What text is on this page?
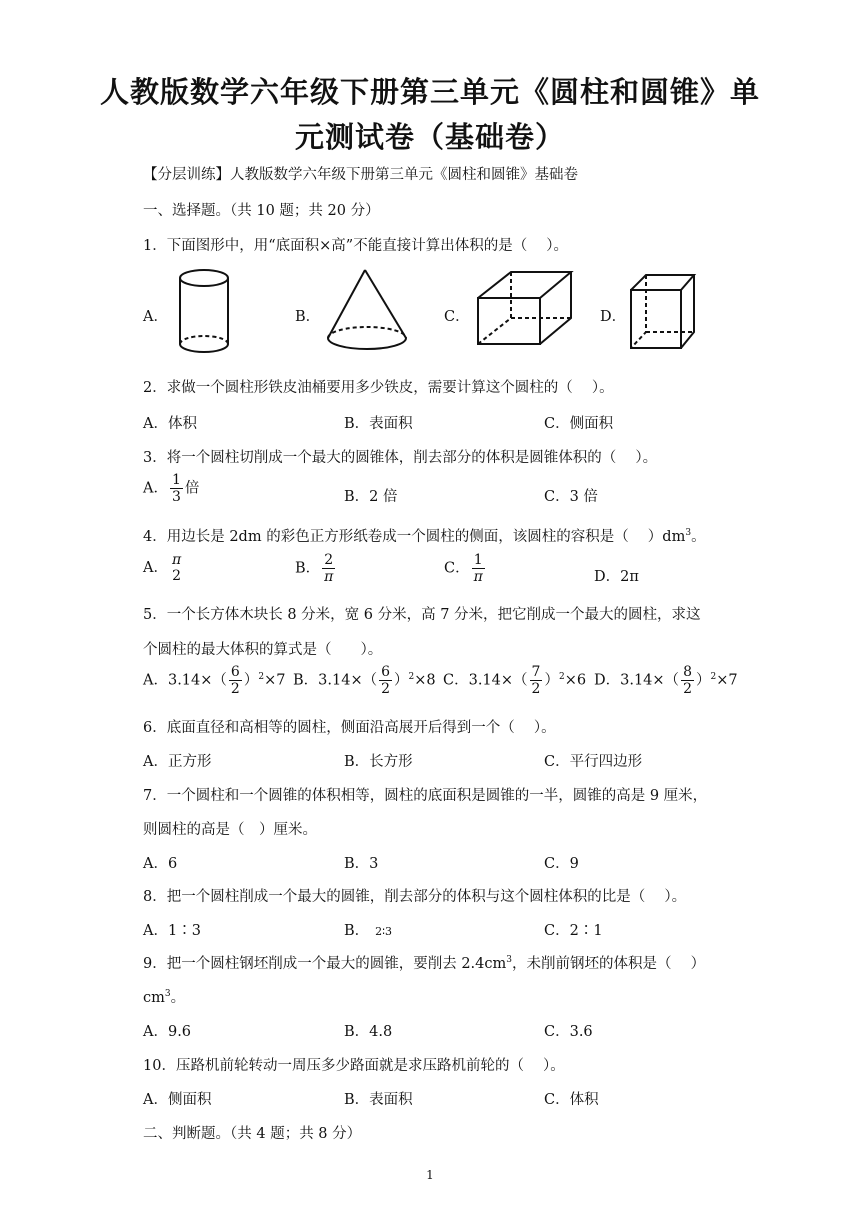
人教版数学六年级下册第三单元《圆柱和圆锥》单
元测试卷（基础卷）
【分层训练】人教版数学六年级下册第三单元《圆柱和圆锥》基础卷
一、选择题。（共 10 题；共 20 分）
1．下面图形中，用“底面积×高”不能直接计算出体积的是（　 ）。
A．	B．	C．	D．
2．求做一个圆柱形铁皮油桶要用多少铁皮，需要计算这个圆柱的（　 ）。
A．体积	B．表面积	C．侧面积
3．将一个圆柱切削成一个最大的圆锥体，削去部分的体积是圆锥体积的（　 ）。
A． $\frac{1}{3}$ 倍
B．2 倍	C．3 倍
4．用边长是 2dm 的彩色正方形纸卷成一个圆柱的侧面，该圆柱的容积是（　 ）$dm^3$。
A．
π
2	B． $\frac{2}{\pi}$	C． $\frac{1}{\pi}$	D．2π
5．一个长方体木块长 8 分米，宽 6 分米，高 7 分米，把它削成一个最大的圆柱，求这
个圆柱的最大体积的算式是（　　）。
A．$3.14\times( \frac{6}{2} )^2\times 7$ B．$3.14\times( \frac{6}{2} )^2\times 8$ C．$3.14\times( \frac{7}{2} )^2\times 6$ D．$3.14\times( \frac{8}{2} )^2\times 7$
6．底面直径和高相等的圆柱，侧面沿高展开后得到一个（　 ）。
A．正方形	B．长方形	C．平行四边形
7．一个圆柱和一个圆锥的体积相等，圆柱的底面积是圆锥的一半，圆锥的高是 9 厘米，
则圆柱的高是（　）厘米。
A．6	B．3	C．9
8．把一个圆柱削成一个最大的圆锥，削去部分的体积与这个圆柱体积的比是（　 ）。
A．1∶3	B． 2∶3	C．2∶1
9．把一个圆柱钢坯削成一个最大的圆锥，要削去 $2.4cm^3$，未削前钢坯的体积是（　 ）
$cm^3$。
A．9.6	B．4.8	C．3.6
10．压路机前轮转动一周压多少路面就是求压路机前轮的（　 ）。
A．侧面积	B．表面积	C．体积
二、判断题。（共 4 题；共 8 分）
1
